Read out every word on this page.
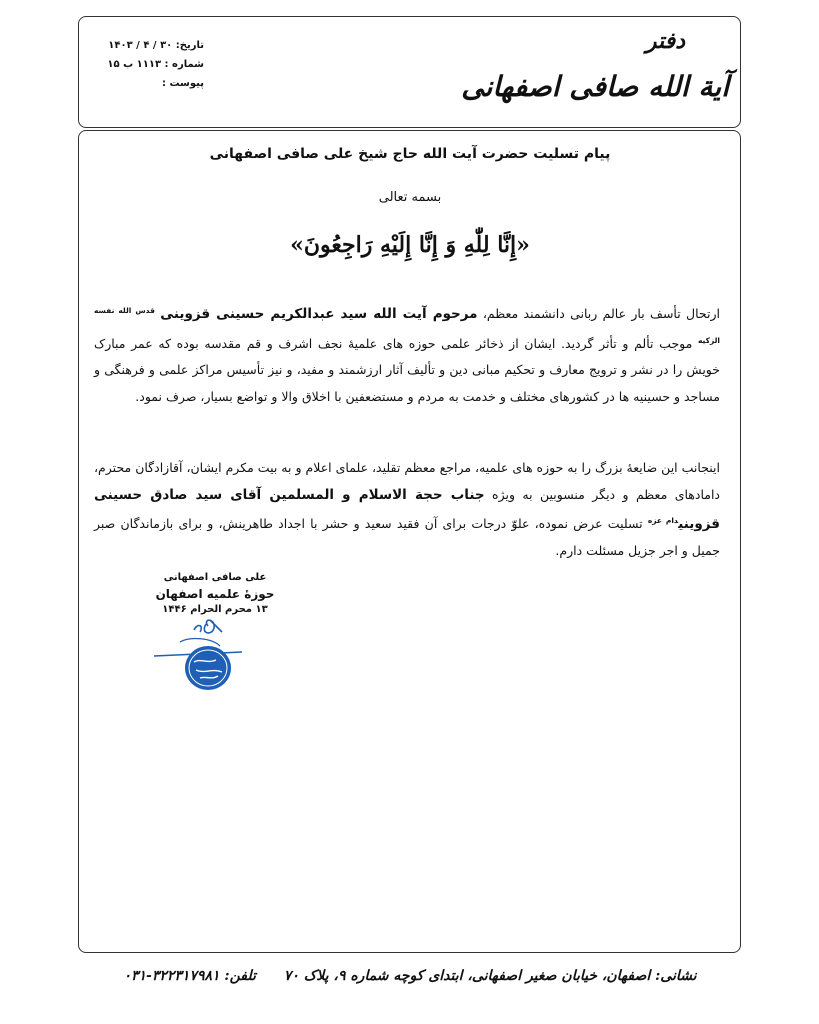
تاریخ: ۳۰ / ۴ / ۱۴۰۳
شماره : ۱۱۱۳ ب ۱۵
پیوست :
دفتر
آیة الله صافی اصفهانی
پیام تسلیت حضرت آیت الله حاج شیخ علی صافی اصفهانی
بسمه تعالی
«إِنَّا لِلّٰهِ وَ إِنَّا إِلَيْهِ رَاجِعُونَ»
ارتحال تأسف بار عالم ربانی دانشمند معظم، مرحوم آیت الله سید عبدالکریم حسینی قزوینی $^{قدس الله نفسه الزکیه}$ موجب تألم و تأثر گردید. ایشان از ذخائر علمی حوزه های علمیهٔ نجف اشرف و قم مقدسه بوده که عمر مبارک خویش را در نشر و ترویج معارف و تحکیم مبانی دین و تألیف آثار ارزشمند و مفید، و نیز تأسیس مراکز علمی و فرهنگی و مساجد و حسینیه ها در کشورهای مختلف و خدمت به مردم و مستضعفین با اخلاق والا و تواضع بسیار، صرف نمود.
اینجانب این ضایعهٔ بزرگ را به حوزه های علمیه، مراجع معظم تقلید، علمای اعلام و به بیت مکرم ایشان، آقازادگان محترم، دامادهای معظم و دیگر منسوبین به ویژه جناب حجة الاسلام و المسلمین آقای سید صادق حسینی قزوینی$^{دام عزه}$ تسلیت عرض نموده، علوّ درجات برای آن فقید سعید و حشر با اجداد طاهرینش، و برای بازماندگان صبر جمیل و اجر جزیل مسئلت دارم.
علی صافی اصفهانی
حوزهٔ علمیه اصفهان
۱۳ محرم الحرام ۱۴۴۶
نشانی: اصفهان، خیابان صغیر اصفهانی، ابتدای کوچه شماره ۹، پلاک ۷۰تلفن: ۳۲۲۳۱۷۹۸۱-۰۳۱
